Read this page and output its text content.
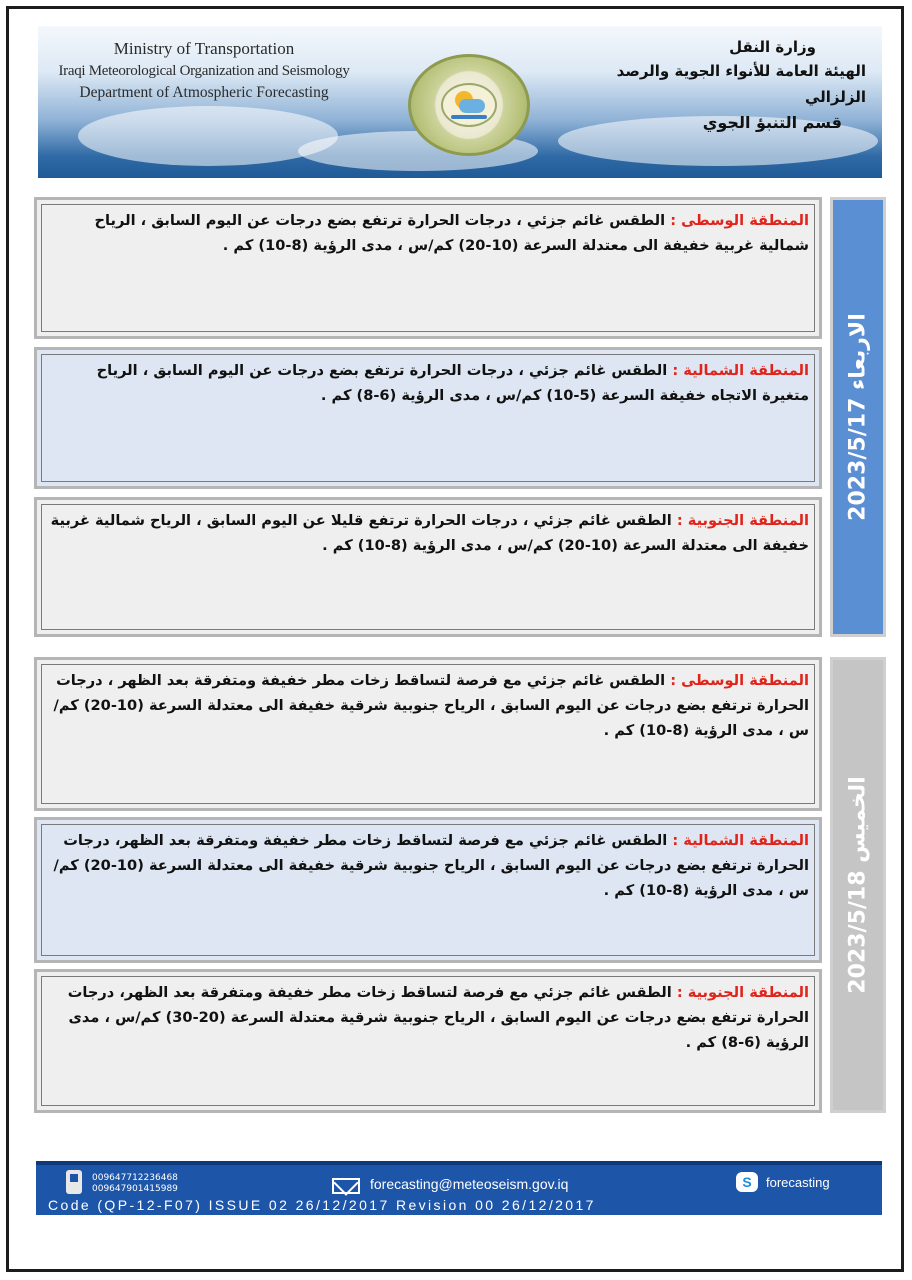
Ministry of Transportation
Iraqi Meteorological Organization and Seismology
Department of Atmospheric Forecasting
وزارة النقل
الهيئة العامة للأنواء الجوية والرصد الزلزالي
قسم التنبؤ الجوي
الاربعاء 2023/5/17
المنطقة الوسطى : الطقس غائم جزئي ، درجات الحرارة ترتفع بضع درجات عن اليوم السابق ، الرياح شمالية غربية خفيفة الى معتدلة السرعة (10-20) كم/س ، مدى الرؤية (8-10) كم .
المنطقة الشمالية : الطقس غائم جزئي ، درجات الحرارة ترتفع بضع درجات عن اليوم السابق ، الرياح متغيرة الاتجاه خفيفة السرعة (5-10) كم/س ، مدى الرؤية (6-8) كم .
المنطقة الجنوبية : الطقس غائم جزئي ، درجات الحرارة ترتفع قليلا عن اليوم السابق ، الرياح شمالية غربية خفيفة الى معتدلة السرعة (10-20) كم/س ، مدى الرؤية (8-10) كم .
الخميس 2023/5/18
المنطقة الوسطى : الطقس غائم جزئي مع فرصة لتساقط زخات مطر خفيفة ومتفرقة بعد الظهر ، درجات الحرارة ترتفع بضع درجات عن اليوم السابق ، الرياح جنوبية شرقية خفيفة الى معتدلة السرعة (10-20) كم/س ، مدى الرؤية (8-10) كم .
المنطقة الشمالية : الطقس غائم جزئي مع فرصة لتساقط زخات مطر خفيفة ومتفرقة بعد الظهر، درجات الحرارة ترتفع بضع درجات عن اليوم السابق ، الرياح جنوبية شرقية خفيفة الى معتدلة السرعة (10-20) كم/س ، مدى الرؤية (8-10) كم .
المنطقة الجنوبية : الطقس غائم جزئي مع فرصة لتساقط زخات مطر خفيفة ومتفرقة بعد الظهر، درجات الحرارة ترتفع بضع درجات عن اليوم السابق ، الرياح جنوبية شرقية معتدلة السرعة (20-30) كم/س ، مدى الرؤية (6-8) كم .
009647712236468
009647901415989	forecasting@meteoseism.gov.iq	S	forecasting
Code (QP-12-F07) ISSUE 02 26/12/2017 Revision 00 26/12/2017
